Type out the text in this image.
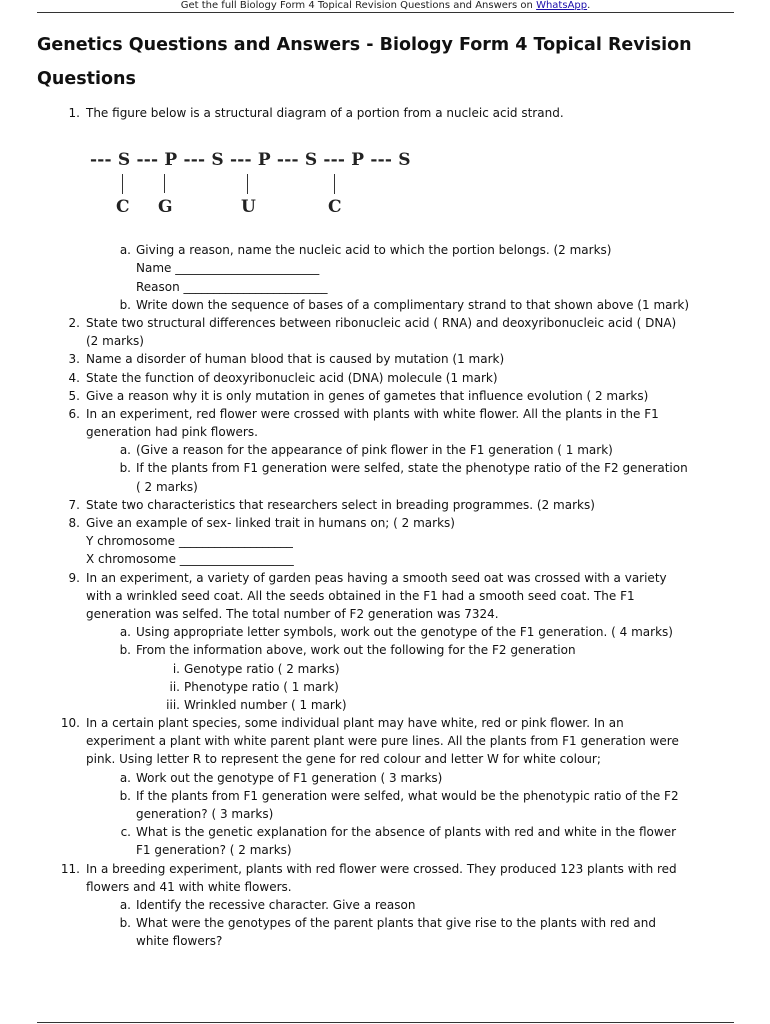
Get the full Biology Form 4 Topical Revision Questions and Answers on WhatsApp.
Genetics Questions and Answers - Biology Form 4 Topical Revision
Questions
1. The figure below is a structural diagram of a portion from a nucleic acid strand.
--- S --- P --- S --- P --- S --- P --- S
C G	U	C
a. Giving a reason, name the nucleic acid to which the portion belongs. (2 marks)
Name ________________________
Reason ________________________
b. Write down the sequence of bases of a complimentary strand to that shown above (1 mark)
2. State two structural differences between ribonucleic acid ( RNA) and deoxyribonucleic acid ( DNA)
(2 marks)
3. Name a disorder of human blood that is caused by mutation (1 mark)
4. State the function of deoxyribonucleic acid (DNA) molecule (1 mark)
5. Give a reason why it is only mutation in genes of gametes that influence evolution ( 2 marks)
6. In an experiment, red flower were crossed with plants with white flower. All the plants in the F1
generation had pink flowers.
a. (Give a reason for the appearance of pink flower in the F1 generation ( 1 mark)
b. If the plants from F1 generation were selfed, state the phenotype ratio of the F2 generation
( 2 marks)
7. State two characteristics that researchers select in breading programmes. (2 marks)
8. Give an example of sex- linked trait in humans on; ( 2 marks)
Y chromosome ___________________
X chromosome ___________________
9. In an experiment, a variety of garden peas having a smooth seed oat was crossed with a variety
with a wrinkled seed coat. All the seeds obtained in the F1 had a smooth seed coat. The F1
generation was selfed. The total number of F2 generation was 7324.
a. Using appropriate letter symbols, work out the genotype of the F1 generation. ( 4 marks)
b. From the information above, work out the following for the F2 generation
i. Genotype ratio ( 2 marks)
ii. Phenotype ratio ( 1 mark)
iii. Wrinkled number ( 1 mark)
10. In a certain plant species, some individual plant may have white, red or pink flower. In an
experiment a plant with white parent plant were pure lines. All the plants from F1 generation were
pink. Using letter R to represent the gene for red colour and letter W for white colour;
a. Work out the genotype of F1 generation ( 3 marks)
b. If the plants from F1 generation were selfed, what would be the phenotypic ratio of the F2
generation? ( 3 marks)
c. What is the genetic explanation for the absence of plants with red and white in the flower
F1 generation? ( 2 marks)
11. In a breeding experiment, plants with red flower were crossed. They produced 123 plants with red
flowers and 41 with white flowers.
a. Identify the recessive character. Give a reason
b. What were the genotypes of the parent plants that give rise to the plants with red and
white flowers?
